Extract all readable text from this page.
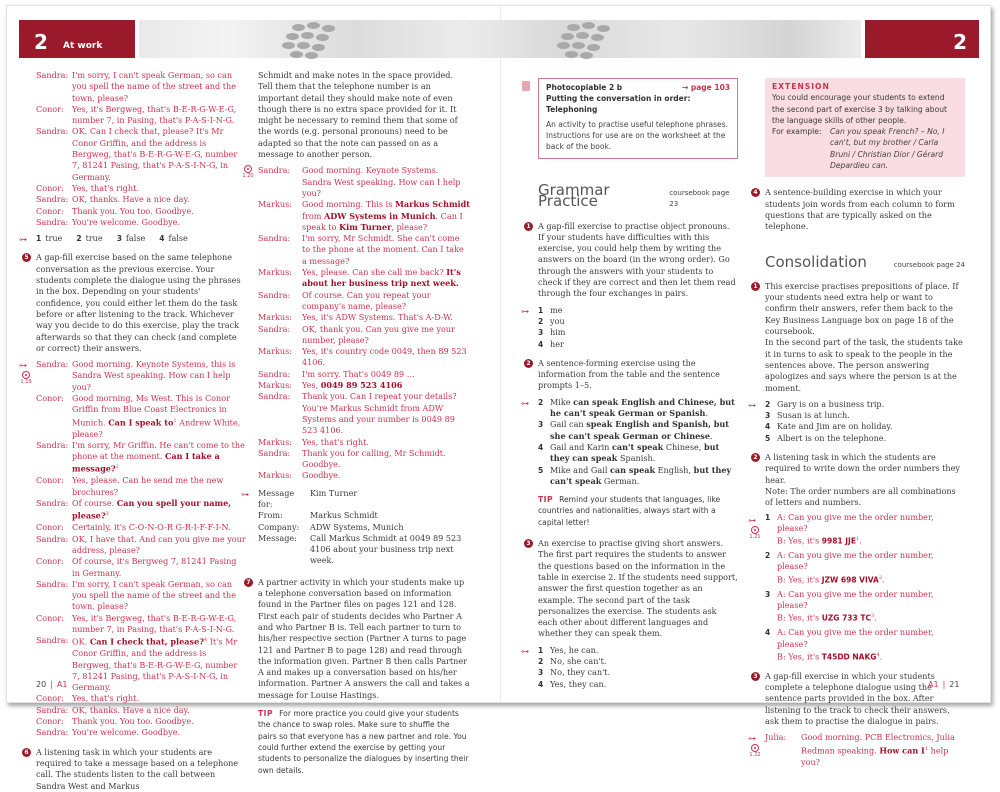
2 At work	2
Sandra: I'm sorry, I can't speak German, so can you spell the name of the street and the town, please?
Conor:	Yes, it's Bergweg, that's B-E-R-G-W-E-G, number 7, in Pasing, that's P-A-S-I-N-G.
Sandra: OK. Can I check that, please? It's Mr Conor Griffin, and the address is Bergweg, that's B-E-R-G-W-E-G, number 7, 81241 Pasing, that's P-A-S-I-N-G, in Germany.
Conor:	Yes, that's right.
Sandra: OK, thanks. Have a nice day.
Conor:	Thank you. You too. Goodbye.
Sandra: You're welcome. Goodbye.
⊶ 1 true 2 true 3 false 4 false
5 A gap-fill exercise based on the same telephone conversation as the previous exercise. Your students complete the dialogue using the phrases in the box. Depending on your students' confidence, you could either let them do the task before or after listening to the track. Whichever way you decide to do this exercise, play the track afterwards so that they can check (and complete or correct) their answers.
⊶
1.19
Sandra: Good morning. Keynote Systems, this is Sandra West speaking. How can I help you?
Conor:	Good morning, Ms West. This is Conor Griffin from Blue Coast Electronics in Munich. Can I speak $to^1$ Andrew White, please?
Sandra: I'm sorry, Mr Griffin. He can't come to the phone at the moment. Can I take a message?$^2$
Conor:	Yes, please. Can he send me the new brochures?
Sandra: Of course. Can you spell your name, please?$^3$
Conor:	Certainly, it's C-O-N-O-R G-R-I-F-F-I-N.
Sandra: OK, I have that. And can you give me your address, please?
Conor:	Of course, it's Bergweg 7, 81241 Pasing in Germany.
Sandra: I'm sorry, I can't speak German, so can you spell the name of the street and the town, please?
Conor:	Yes, it's Bergweg, that's B-E-R-G-W-E-G, number 7, in Pasing, that's P-A-S-I-N-G.
Sandra: OK. Can I check that, please?$^4$ It's Mr Conor Griffin, and the address is Bergweg, that's B-E-R-G-W-E-G, number 7, 81241 Pasing, that's P-A-S-I-N-G, in Germany.
Conor:	Yes, that's right.
Sandra: OK, thanks. Have a nice day.
Conor:	Thank you. You too. Goodbye.
Sandra: You're welcome. Goodbye.
6 A listening task in which your students are required to take a message based on a telephone call. The students listen to the call between Sandra West and Markus
Schmidt and make notes in the space provided. Tell them that the telephone number is an important detail they should make note of even though there is no extra space provided for it. It might be necessary to remind them that some of the words (e.g. personal pronouns) need to be adapted so that the note can passed on as a message to another person.
1.20
Sandra:	Good morning. Keynote Systems. Sandra West speaking. How can I help you?
Markus:	Good morning. This is Markus Schmidt from ADW Systems in Munich. Can I speak to Kim Turner, please?
Sandra:	I'm sorry, Mr Schmidt. She can't come to the phone at the moment. Can I take a message?
Markus:	Yes, please. Can she call me back? It's about her business trip next week.
Sandra:	Of course. Can you repeat your company's name, please?
Markus:	Yes, it's ADW Systems. That's A-D-W.
Sandra:	OK, thank you. Can you give me your number, please?
Markus:	Yes, it's country code 0049, then 89 523 4106.
Sandra:	I'm sorry. That's 0049 89 …
Markus:	Yes, 0049 89 523 4106
Sandra:	Thank you. Can I repeat your details? You're Markus Schmidt from ADW Systems and your number is 0049 89 523 4106.
Markus:	Yes, that's right.
Sandra:	Thank you for calling, Mr Schmidt. Goodbye.
Markus:	Goodbye.
⊶ Message for:
Kim Turner
From:	Markus Schmidt
Company:	ADW Systems, Munich
Message:	Call Markus Schmidt at 0049 89 523 4106 about your business trip next week.
7 A partner activity in which your students make up a telephone conversation based on information found in the Partner files on pages 121 and 128. First each pair of students decides who Partner A and who Partner B is. Tell each partner to turn to his/her respective section (Partner A turns to page 121 and Partner B to page 128) and read through the information given. Partner B then calls Partner A and makes up a conversation based on his/her information. Partner A answers the call and takes a message for Louise Hastings.
TIP For more practice you could give your students the chance to swap roles. Make sure to shuffle the pairs so that everyone has a new partner and role. You could further extend the exercise by getting your students to personalize the dialogues by inserting their own details.
Photocopiable 2 b	→ page 103
Putting the conversation in order: Telephoning
An activity to practise useful telephone phrases. Instructions for use are on the worksheet at the back of the book.
Grammar Practice	coursebook page 23
1 A gap-fill exercise to practise object pronouns. If your students have difficulties with this exercise, you could help them by writing the answers on the board (in the wrong order). Go through the answers with your students to check if they are correct and then let them read through the four exchanges in pairs.
⊶ 1 me
2 you
3 him
4 her
2 A sentence-forming exercise using the information from the table and the sentence prompts 1–5.
⊶ 2 Mike can speak English and Chinese, but he can't speak German or Spanish.
3 Gail can speak English and Spanish, but she can't speak German or Chinese.
4 Gail and Karin can't speak Chinese, but they can speak Spanish.
5 Mike and Gail can speak English, but they can't speak German.
TIP Remind your students that languages, like countries and nationalities, always start with a capital letter!
3 An exercise to practise giving short answers. The first part requires the students to answer the questions based on the information in the table in exercise 2. If the students need support, answer the first question together as an example. The second part of the task personalizes the exercise. The students ask each other about different languages and whether they can speak them.
⊶ 1 Yes, he can.
2 No, she can't.
3 No, they can't.
4 Yes, they can.
EXTENSION
You could encourage your students to extend the second part of exercise 3 by talking about the language skills of other people.
For example:	Can you speak French? – No, I can't, but my brother / Carla Bruni / Christian Dior / Gérard Depardieu can.
4 A sentence-building exercise in which your students join words from each column to form questions that are typically asked on the telephone.
Consolidation	coursebook page 24
1 This exercise practises prepositions of place. If your students need extra help or want to confirm their answers, refer them back to the Key Business Language box on page 18 of the coursebook.
In the second part of the task, the students take it in turns to ask to speak to the people in the sentences above. The person answering apologizes and says where the person is at the moment.
⊶ 2 Gary is on a business trip.
3 Susan is at lunch.
4 Kate and Jim are on holiday.
5 Albert is on the telephone.
2 A listening task in which the students are required to write down the order numbers they hear.
Note: The order numbers are all combinations of letters and numbers.
⊶
1.21
1 A: Can you give me the order number, please?
B: Yes, it's 9981 JJE$^1$.
2 A: Can you give me the order number, please?
B: Yes, it's JZW 698 VIVA$^2$.
3 A: Can you give me the order number, please?
B: Yes, it's UZG 733 $TC^3$.
4 A: Can you give me the order number, please?
B: Yes, it's T45DD NAKG$^4$.
3 A gap-fill exercise in which your students complete a telephone dialogue using the sentence parts provided in the box. After listening to the track to check their answers, ask them to practise the dialogue in pairs.
⊶
1.22
Julia:	Good morning. PCB Electronics, Julia Redman speaking. How can $I^1$ help you?
20 | A1	A1 | 21
